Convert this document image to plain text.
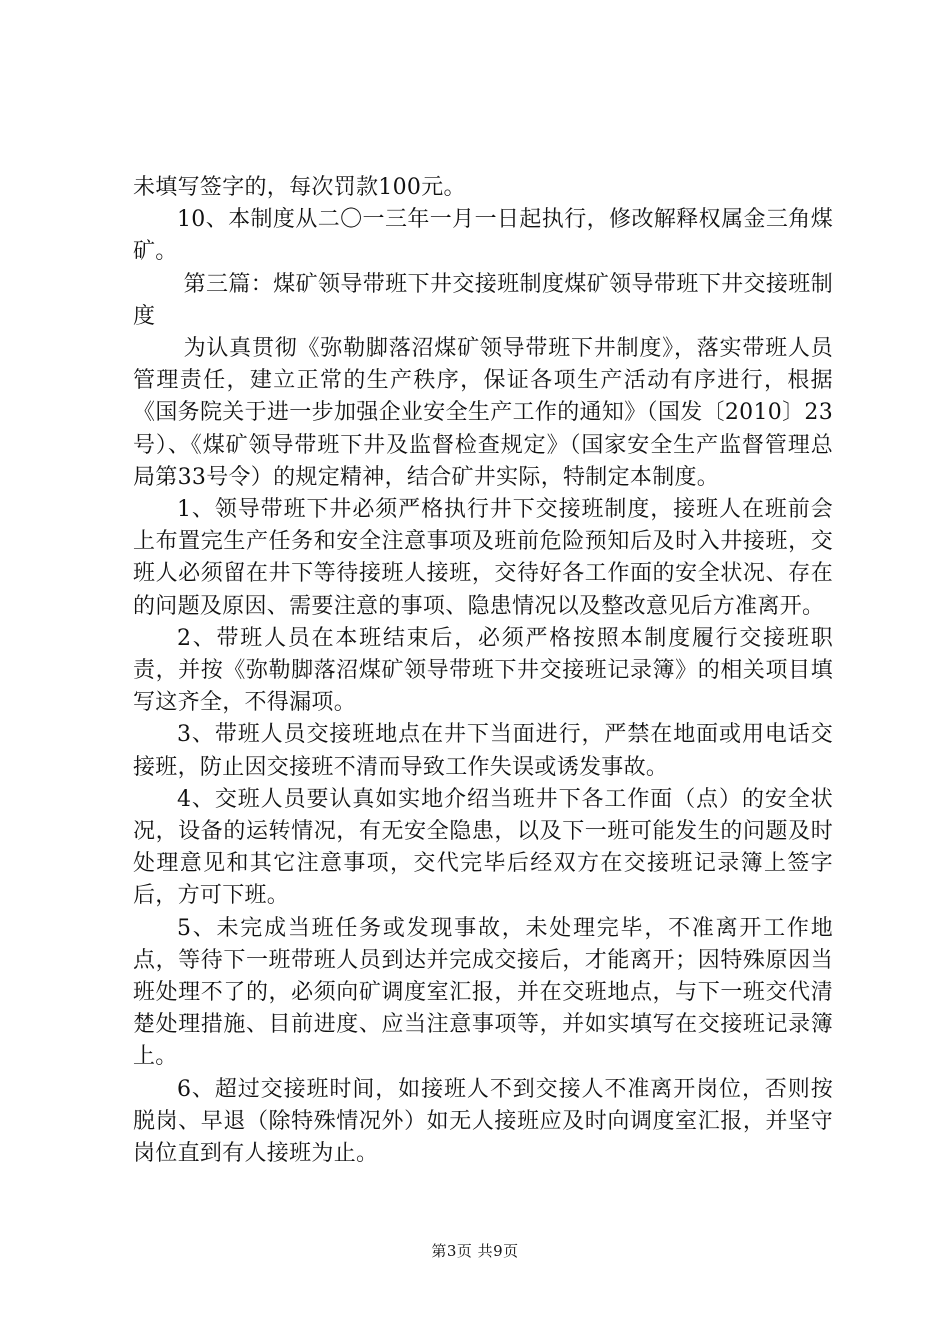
未填写签字的，每次罚款100元。

10、本制度从二〇一三年一月一日起执行，修改解释权属金三角煤矿。

第三篇：煤矿领导带班下井交接班制度煤矿领导带班下井交接班制度

为认真贯彻《弥勒脚落沼煤矿领导带班下井制度》，落实带班人员管理责任，建立正常的生产秩序，保证各项生产活动有序进行，根据《国务院关于进一步加强企业安全生产工作的通知》（国发〔2010〕23号）、《煤矿领导带班下井及监督检查规定》（国家安全生产监督管理总局第33号令）的规定精神，结合矿井实际，特制定本制度。

1、领导带班下井必须严格执行井下交接班制度，接班人在班前会上布置完生产任务和安全注意事项及班前危险预知后及时入井接班，交班人必须留在井下等待接班人接班，交待好各工作面的安全状况、存在的问题及原因、需要注意的事项、隐患情况以及整改意见后方准离开。

2、带班人员在本班结束后，必须严格按照本制度履行交接班职责，并按《弥勒脚落沼煤矿领导带班下井交接班记录簿》的相关项目填写这齐全，不得漏项。

3、带班人员交接班地点在井下当面进行，严禁在地面或用电话交接班，防止因交接班不清而导致工作失误或诱发事故。

4、交班人员要认真如实地介绍当班井下各工作面（点）的安全状况，设备的运转情况，有无安全隐患，以及下一班可能发生的问题及时处理意见和其它注意事项，交代完毕后经双方在交接班记录簿上签字后，方可下班。

5、未完成当班任务或发现事故，未处理完毕，不准离开工作地点，等待下一班带班人员到达并完成交接后，才能离开；因特殊原因当班处理不了的，必须向矿调度室汇报，并在交班地点，与下一班交代清楚处理措施、目前进度、应当注意事项等，并如实填写在交接班记录簿上。

6、超过交接班时间，如接班人不到交接人不准离开岗位，否则按脱岗、早退（除特殊情况外）如无人接班应及时向调度室汇报，并坚守岗位直到有人接班为止。

第3页 共9页
